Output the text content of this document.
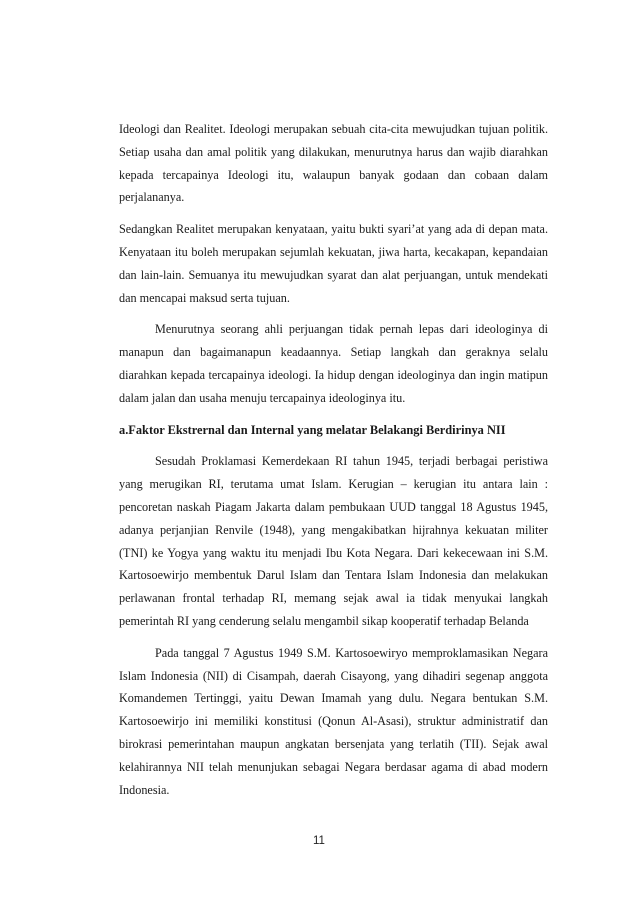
Ideologi dan Realitet. Ideologi merupakan sebuah cita-cita mewujudkan tujuan politik. Setiap usaha dan amal politik yang dilakukan, menurutnya harus dan wajib diarahkan kepada tercapainya Ideologi itu, walaupun banyak godaan dan cobaan dalam perjalananya.

Sedangkan Realitet merupakan kenyataan, yaitu bukti syari’at yang ada di depan mata. Kenyataan itu boleh merupakan sejumlah kekuatan, jiwa harta, kecakapan, kepandaian dan lain-lain. Semuanya itu mewujudkan syarat dan alat perjuangan, untuk mendekati dan mencapai maksud serta tujuan.

Menurutnya seorang ahli perjuangan tidak pernah lepas dari ideologinya di manapun dan bagaimanapun keadaannya. Setiap langkah dan geraknya selalu diarahkan kepada tercapainya ideologi. Ia hidup dengan ideologinya dan ingin matipun dalam jalan dan usaha menuju tercapainya ideologinya itu.

a.Faktor Ekstrernal dan Internal yang melatar Belakangi Berdirinya NII

Sesudah Proklamasi Kemerdekaan RI tahun 1945, terjadi berbagai peristiwa yang merugikan RI, terutama umat Islam. Kerugian – kerugian itu antara lain : pencoretan naskah Piagam Jakarta dalam pembukaan UUD tanggal 18 Agustus 1945, adanya perjanjian Renvile (1948), yang mengakibatkan hijrahnya kekuatan militer (TNI) ke Yogya yang waktu itu menjadi Ibu Kota Negara. Dari kekecewaan ini S.M. Kartosoewirjo membentuk Darul Islam dan Tentara Islam Indonesia dan melakukan perlawanan frontal terhadap RI, memang sejak awal ia tidak menyukai langkah pemerintah RI yang cenderung selalu mengambil sikap kooperatif terhadap Belanda

Pada tanggal 7 Agustus 1949 S.M. Kartosoewiryo memproklamasikan Negara Islam Indonesia (NII) di Cisampah, daerah Cisayong, yang dihadiri segenap anggota Komandemen Tertinggi, yaitu Dewan Imamah yang dulu. Negara bentukan S.M. Kartosoewirjo ini memiliki konstitusi (Qonun Al-Asasi), struktur administratif dan birokrasi pemerintahan maupun angkatan bersenjata yang terlatih (TII). Sejak awal kelahirannya NII telah menunjukan sebagai Negara berdasar agama di abad modern Indonesia.

11
